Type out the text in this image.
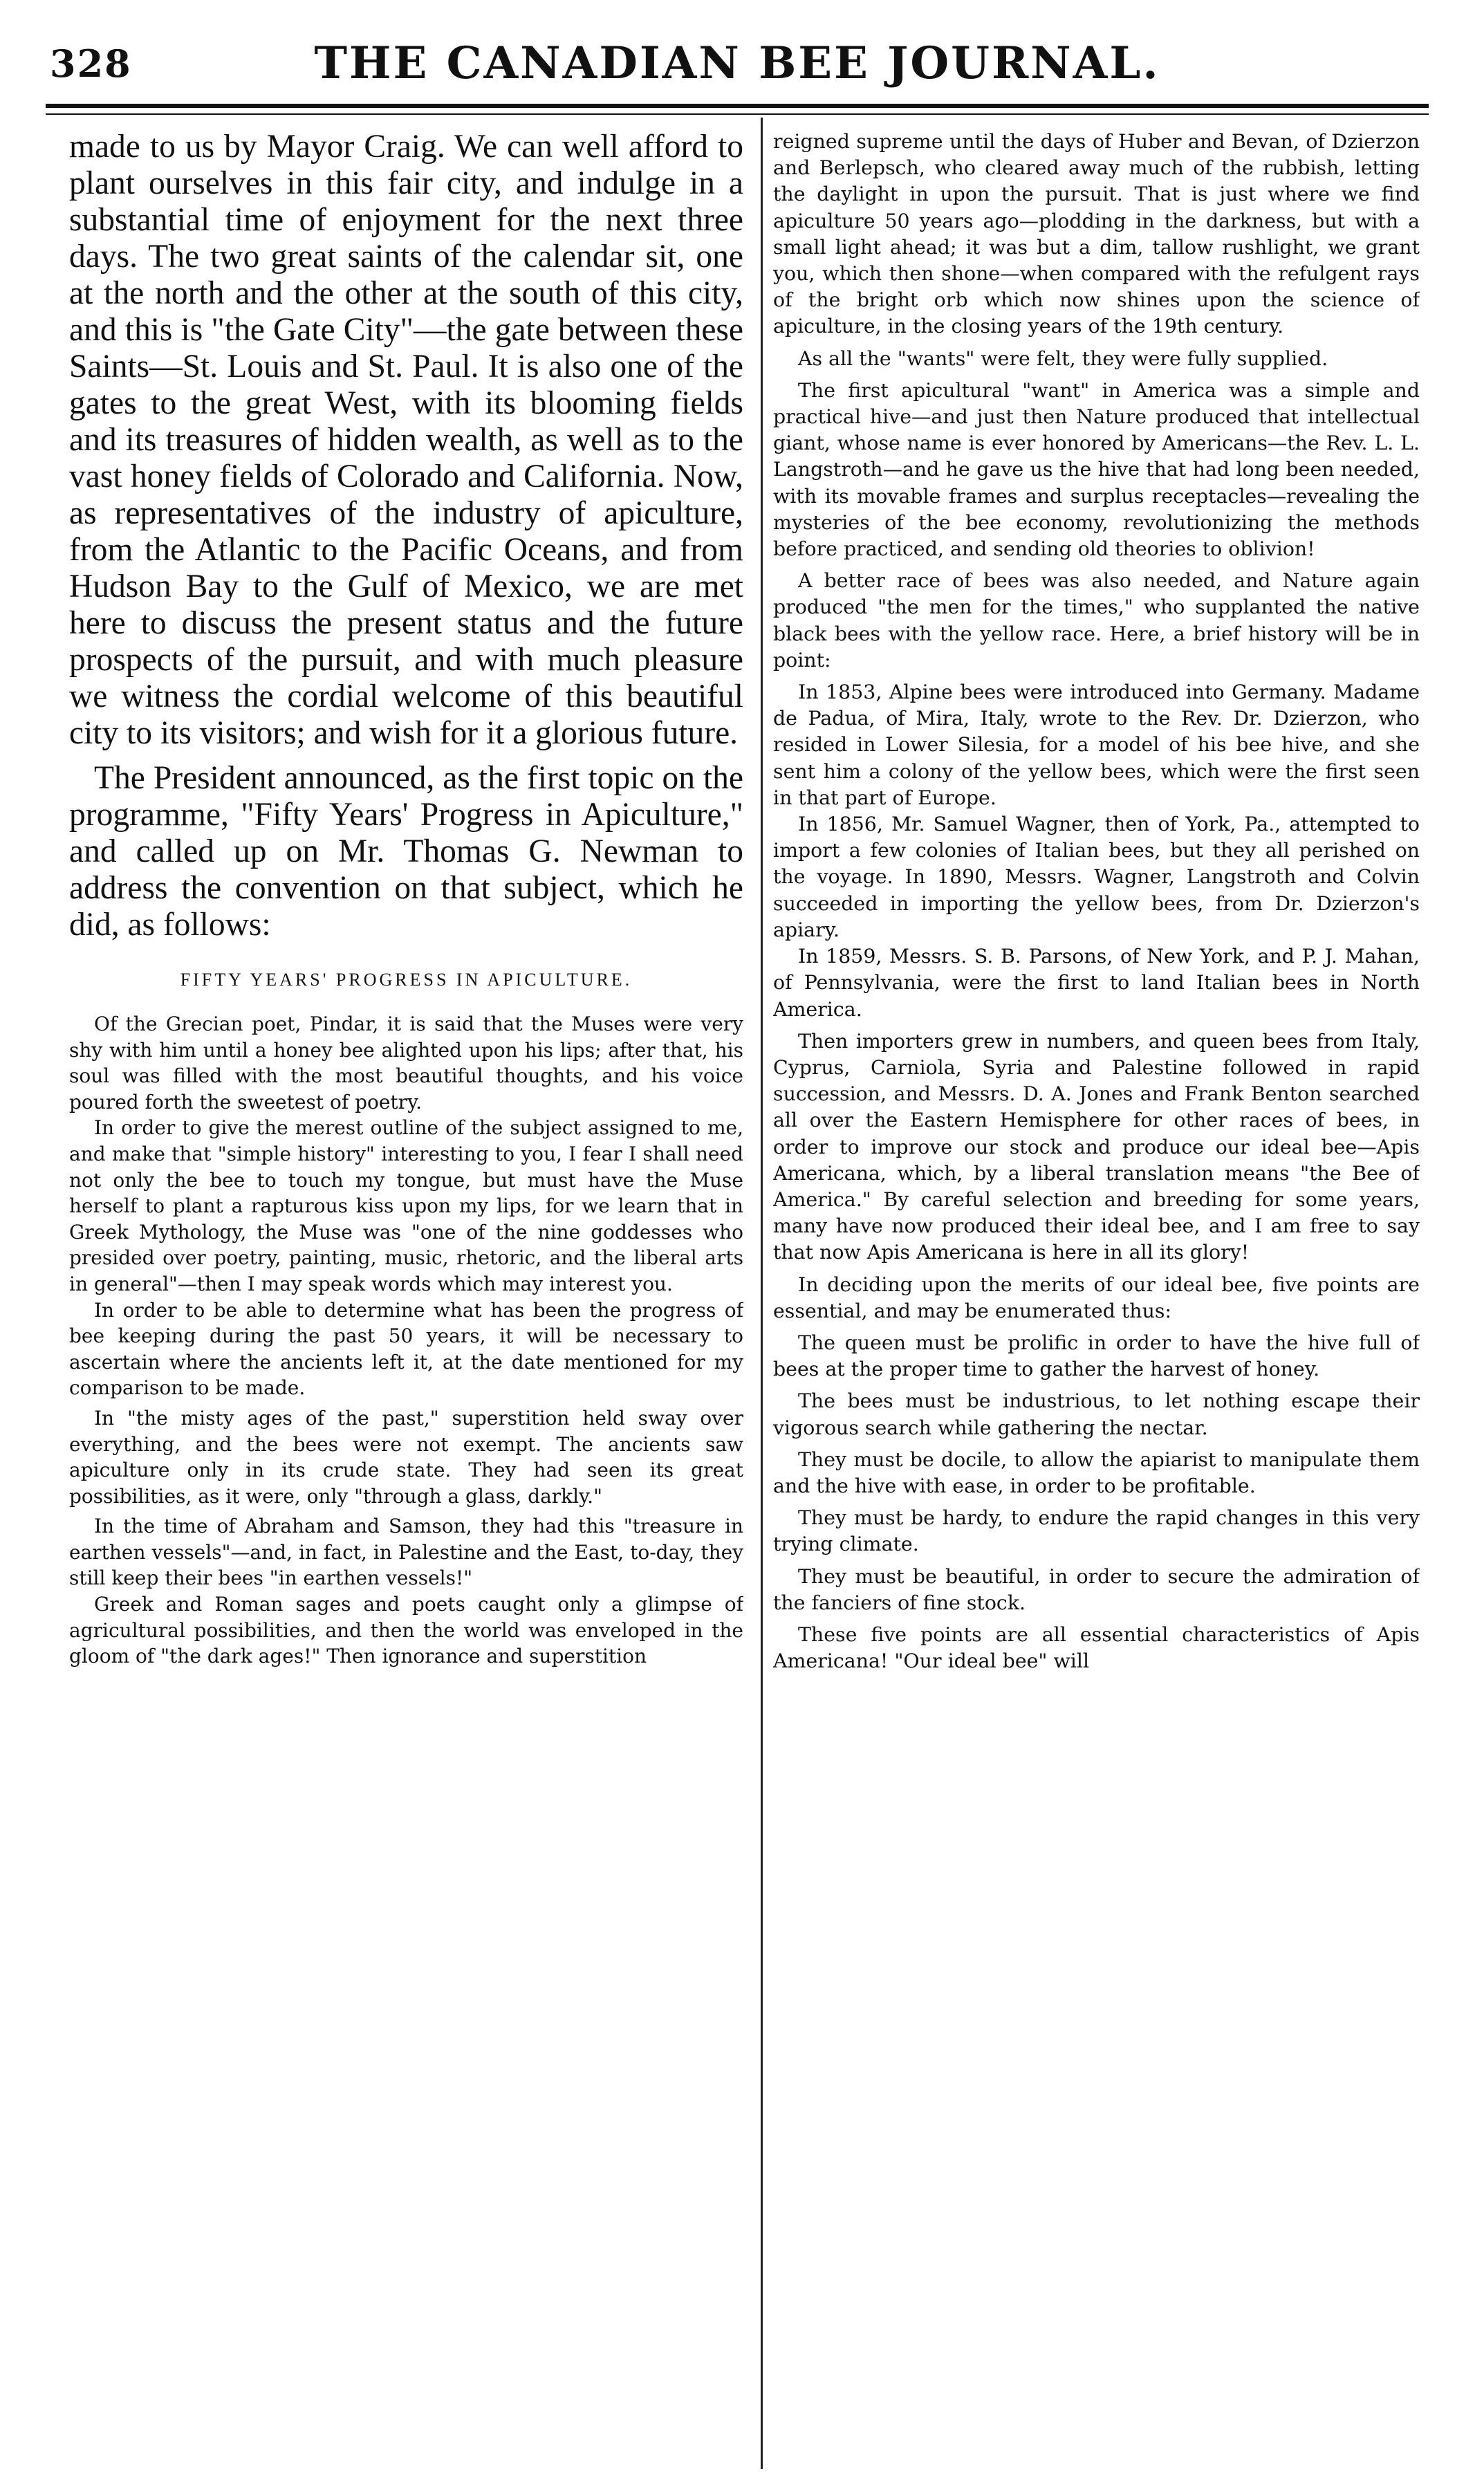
328	THE CANADIAN BEE JOURNAL.

made to us by Mayor Craig. We can well afford to plant ourselves in this fair city, and indulge in a substantial time of enjoyment for the next three days. The two great saints of the calendar sit, one at the north and the other at the south of this city, and this is "the Gate City"—the gate between these Saints—St. Louis and St. Paul. It is also one of the gates to the great West, with its blooming fields and its treasures of hidden wealth, as well as to the vast honey fields of Colorado and California. Now, as representatives of the industry of apiculture, from the Atlantic to the Pacific Oceans, and from Hudson Bay to the Gulf of Mexico, we are met here to discuss the present status and the future prospects of the pursuit, and with much pleasure we witness the cordial welcome of this beautiful city to its visitors; and wish for it a glorious future.

The President announced, as the first topic on the programme, "Fifty Years' Progress in Apiculture," and called up on Mr. Thomas G. Newman to address the convention on that subject, which he did, as follows:

FIFTY YEARS' PROGRESS IN APICULTURE.

Of the Grecian poet, Pindar, it is said that the Muses were very shy with him until a honey bee alighted upon his lips; after that, his soul was filled with the most beautiful thoughts, and his voice poured forth the sweetest of poetry.

In order to give the merest outline of the subject assigned to me, and make that "simple history" interesting to you, I fear I shall need not only the bee to touch my tongue, but must have the Muse herself to plant a rapturous kiss upon my lips, for we learn that in Greek Mythology, the Muse was "one of the nine goddesses who presided over poetry, painting, music, rhetoric, and the liberal arts in general"—then I may speak words which may interest you.

In order to be able to determine what has been the progress of bee keeping during the past 50 years, it will be necessary to ascertain where the ancients left it, at the date mentioned for my comparison to be made.

In "the misty ages of the past," superstition held sway over everything, and the bees were not exempt. The ancients saw apiculture only in its crude state. They had seen its great possibilities, as it were, only "through a glass, darkly."

In the time of Abraham and Samson, they had this "treasure in earthen vessels"—and, in fact, in Palestine and the East, to-day, they still keep their bees "in earthen vessels!"

Greek and Roman sages and poets caught only a glimpse of agricultural possibilities, and then the world was enveloped in the gloom of "the dark ages!" Then ignorance and superstition

reigned supreme until the days of Huber and Bevan, of Dzierzon and Berlepsch, who cleared away much of the rubbish, letting the daylight in upon the pursuit. That is just where we find apiculture 50 years ago—plodding in the darkness, but with a small light ahead; it was but a dim, tallow rushlight, we grant you, which then shone—when compared with the refulgent rays of the bright orb which now shines upon the science of apiculture, in the closing years of the 19th century.

As all the "wants" were felt, they were fully supplied.

The first apicultural "want" in America was a simple and practical hive—and just then Nature produced that intellectual giant, whose name is ever honored by Americans—the Rev. L. L. Langstroth—and he gave us the hive that had long been needed, with its movable frames and surplus receptacles—revealing the mysteries of the bee economy, revolutionizing the methods before practiced, and sending old theories to oblivion!

A better race of bees was also needed, and Nature again produced "the men for the times," who supplanted the native black bees with the yellow race. Here, a brief history will be in point:

In 1853, Alpine bees were introduced into Germany. Madame de Padua, of Mira, Italy, wrote to the Rev. Dr. Dzierzon, who resided in Lower Silesia, for a model of his bee hive, and she sent him a colony of the yellow bees, which were the first seen in that part of Europe.

In 1856, Mr. Samuel Wagner, then of York, Pa., attempted to import a few colonies of Italian bees, but they all perished on the voyage. In 1890, Messrs. Wagner, Langstroth and Colvin succeeded in importing the yellow bees, from Dr. Dzierzon's apiary.

In 1859, Messrs. S. B. Parsons, of New York, and P. J. Mahan, of Pennsylvania, were the first to land Italian bees in North America.

Then importers grew in numbers, and queen bees from Italy, Cyprus, Carniola, Syria and Palestine followed in rapid succession, and Messrs. D. A. Jones and Frank Benton searched all over the Eastern Hemisphere for other races of bees, in order to improve our stock and produce our ideal bee—Apis Americana, which, by a liberal translation means "the Bee of America." By careful selection and breeding for some years, many have now produced their ideal bee, and I am free to say that now Apis Americana is here in all its glory!

In deciding upon the merits of our ideal bee, five points are essential, and may be enumerated thus:

The queen must be prolific in order to have the hive full of bees at the proper time to gather the harvest of honey.

The bees must be industrious, to let nothing escape their vigorous search while gathering the nectar.

They must be docile, to allow the apiarist to manipulate them and the hive with ease, in order to be profitable.

They must be hardy, to endure the rapid changes in this very trying climate.

They must be beautiful, in order to secure the admiration of the fanciers of fine stock.

These five points are all essential characteristics of Apis Americana! "Our ideal bee" will
